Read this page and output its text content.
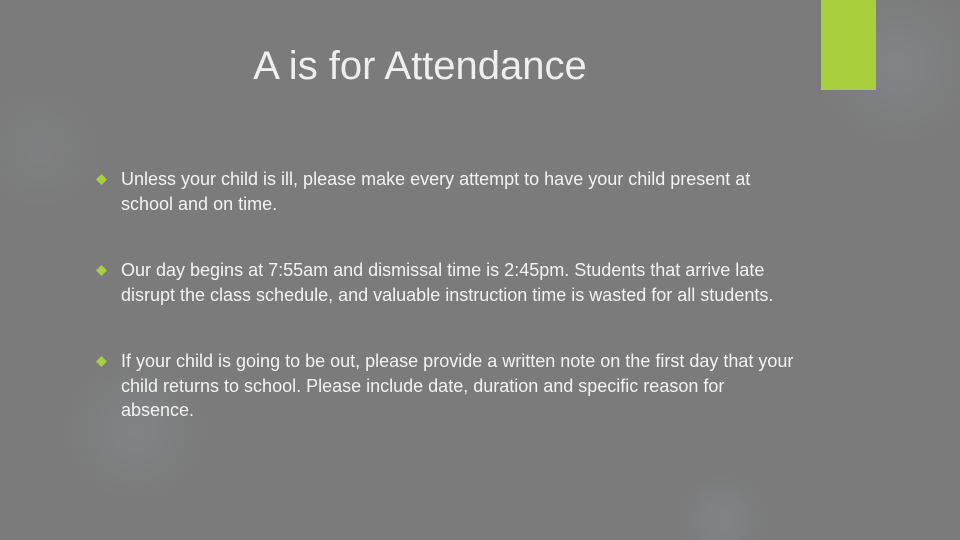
A is for Attendance
Unless your child is ill, please make every attempt to have your child present at school and on time.
Our day begins at 7:55am and dismissal time is 2:45pm. Students that arrive late disrupt the class schedule, and valuable instruction time is wasted for all students.
If your child is going to be out, please provide a written note on the first day that your child returns to school. Please include date, duration and specific reason for absence.
